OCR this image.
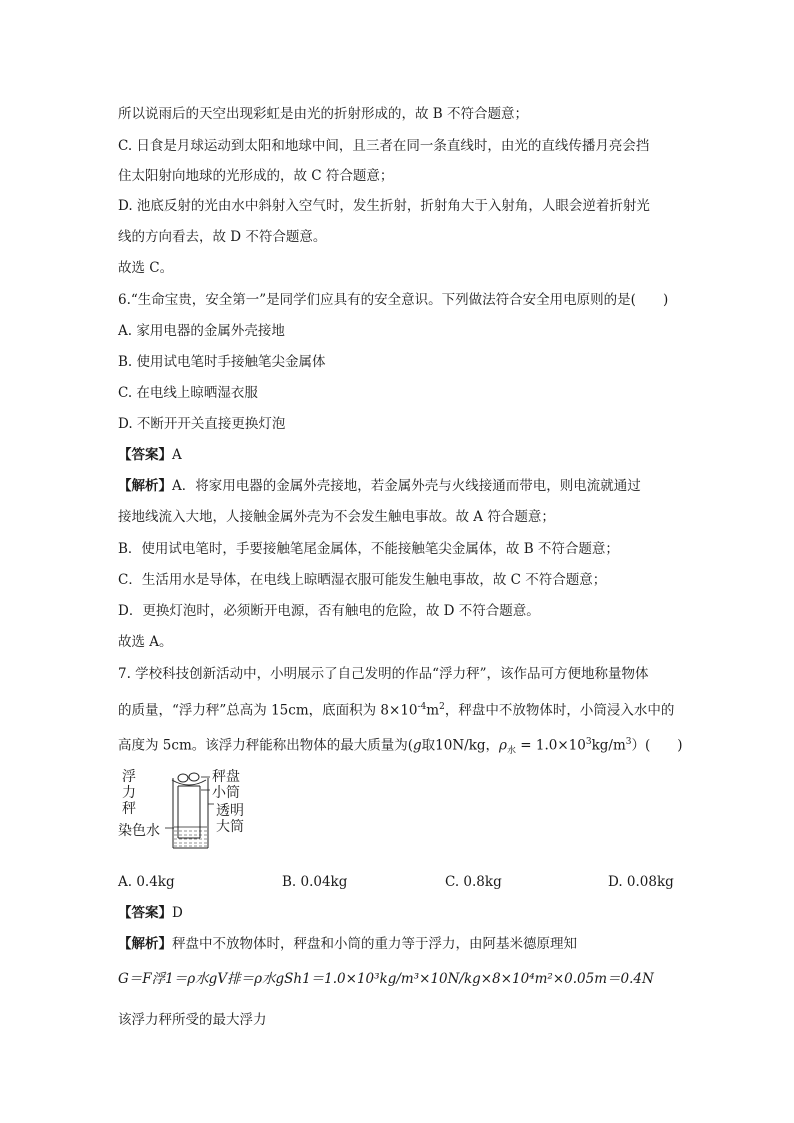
所以说雨后的天空出现彩虹是由光的折射形成的，故 B 不符合题意；
C. 日食是月球运动到太阳和地球中间，且三者在同一条直线时，由光的直线传播月亮会挡
住太阳射向地球的光形成的，故 C 符合题意；
D. 池底反射的光由水中斜射入空气时，发生折射，折射角大于入射角，人眼会逆着折射光
线的方向看去，故 D 不符合题意。
故选 C。
6.“生命宝贵，安全第一”是同学们应具有的安全意识。下列做法符合安全用电原则的是(　　)
A. 家用电器的金属外壳接地
B. 使用试电笔时手接触笔尖金属体
C. 在电线上晾晒湿衣服
D. 不断开开关直接更换灯泡
【答案】A
【解析】A．将家用电器的金属外壳接地，若金属外壳与火线接通而带电，则电流就通过
接地线流入大地，人接触金属外壳为不会发生触电事故。故 A 符合题意；
B．使用试电笔时，手要接触笔尾金属体，不能接触笔尖金属体，故 B 不符合题意；
C．生活用水是导体，在电线上晾晒湿衣服可能发生触电事故，故 C 不符合题意；
D．更换灯泡时，必须断开电源，否有触电的危险，故 D 不符合题意。
故选 A。
7. 学校科技创新活动中，小明展示了自己发明的作品“浮力秤”，该作品可方便地称量物体
的质量，“浮力秤”总高为 15cm，底面积为 $8\times 10^{-4}m^2$，秤盘中不放物体时，小筒浸入水中的
高度为 5cm。该浮力秤能称出物体的最大质量为(g取10N/kg，$\rho_水 = 1.0\times 10^3kg/m^3$）(　　)
浮
力
秤
秤盘
小筒
透明
大筒
染色水
A. 0.4kg	B. 0.04kg	C. 0.8kg	D. 0.08kg
【答案】D
【解析】秤盘中不放物体时，秤盘和小筒的重力等于浮力，由阿基米德原理知
G＝F浮1＝ρ水gV排＝ρ水gSh1＝1.0×10³kg/m³×10N/kg×8×10⁴m²×0.05m＝0.4N
该浮力秤所受的最大浮力
